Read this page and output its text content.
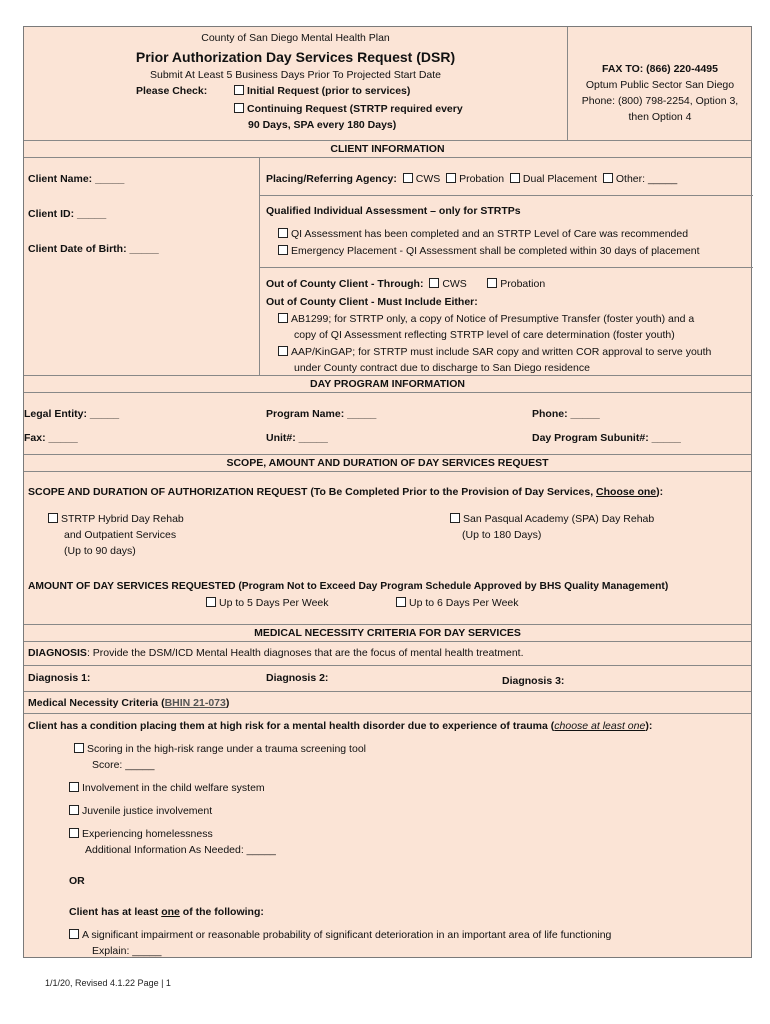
County of San Diego Mental Health Plan
Prior Authorization Day Services Request (DSR)
Submit At Least 5 Business Days Prior To Projected Start Date
Please Check:	Initial Request (prior to services)
Continuing Request (STRTP required every
90 Days, SPA every 180 Days)
FAX TO: (866) 220-4495
Optum Public Sector San Diego
Phone: (800) 798-2254, Option 3,
then Option 4
CLIENT INFORMATION
Client Name: _____
Client ID: _____
Client Date of Birth: _____
Placing/Referring Agency: CWS Probation Dual Placement Other: _____
Qualified Individual Assessment – only for STRTPs
QI Assessment has been completed and an STRTP Level of Care was recommended
Emergency Placement - QI Assessment shall be completed within 30 days of placement
Out of County Client - Through: CWS	Probation
Out of County Client - Must Include Either:
AB1299; for STRTP only, a copy of Notice of Presumptive Transfer (foster youth) and a
copy of QI Assessment reflecting STRTP level of care determination (foster youth)
AAP/KinGAP; for STRTP must include SAR copy and written COR approval to serve youth
under County contract due to discharge to San Diego residence
DAY PROGRAM INFORMATION
Legal Entity: _____	Program Name: _____	Phone: _____
Fax: _____	Unit#: _____	Day Program Subunit#: _____
SCOPE, AMOUNT AND DURATION OF DAY SERVICES REQUEST
SCOPE AND DURATION OF AUTHORIZATION REQUEST (To Be Completed Prior to the Provision of Day Services, Choose one):
STRTP Hybrid Day Rehab
and Outpatient Services
(Up to 90 days)
San Pasqual Academy (SPA) Day Rehab
(Up to 180 Days)
AMOUNT OF DAY SERVICES REQUESTED (Program Not to Exceed Day Program Schedule Approved by BHS Quality Management)
Up to 5 Days Per Week	Up to 6 Days Per Week
MEDICAL NECESSITY CRITERIA FOR DAY SERVICES
DIAGNOSIS: Provide the DSM/ICD Mental Health diagnoses that are the focus of mental health treatment.
Diagnosis 1:	Diagnosis 2:	Diagnosis 3:
Medical Necessity Criteria (BHIN 21-073)
Client has a condition placing them at high risk for a mental health disorder due to experience of trauma (choose at least one):
Scoring in the high-risk range under a trauma screening tool
Score: _____
Involvement in the child welfare system
Juvenile justice involvement
Experiencing homelessness
Additional Information As Needed: _____
OR
Client has at least one of the following:
A significant impairment or reasonable probability of significant deterioration in an important area of life functioning
Explain: _____
1/1/20, Revised 4.1.22 Page | 1
